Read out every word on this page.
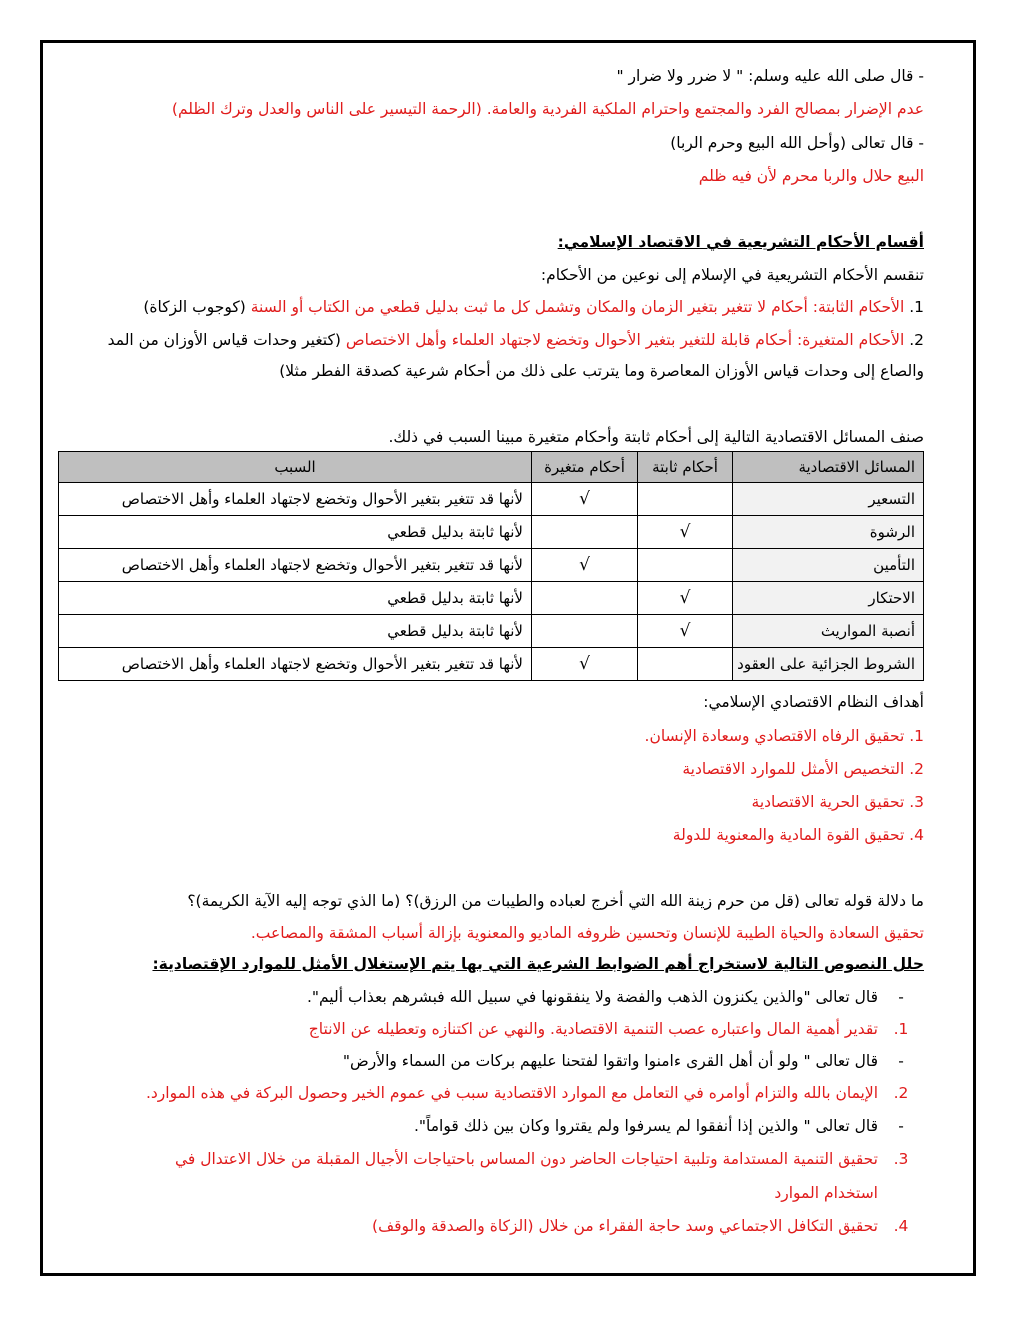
- قال صلى الله عليه وسلم: " لا ضرر ولا ضرار "
عدم الإضرار بمصالح الفرد والمجتمع واحترام الملكية الفردية والعامة. (الرحمة التيسير على الناس والعدل وترك الظلم)
- قال تعالى (وأحل الله البيع وحرم الربا)
البيع حلال والربا محرم لأن فيه ظلم
أقسام الأحكام التشريعية في الاقتصاد الإسلامي:
تنقسم الأحكام التشريعية في الإسلام إلى نوعين من الأحكام:
1. الأحكام الثابتة: أحكام لا تتغير بتغير الزمان والمكان وتشمل كل ما ثبت بدليل قطعي من الكتاب أو السنة (كوجوب الزكاة)
2. الأحكام المتغيرة: أحكام قابلة للتغير بتغير الأحوال وتخضع لاجتهاد العلماء وأهل الاختصاص (كتغير وحدات قياس الأوزان من المد
والصاع إلى وحدات قياس الأوزان المعاصرة وما يترتب على ذلك من أحكام شرعية كصدقة الفطر مثلا)
صنف المسائل الاقتصادية التالية إلى أحكام ثابتة وأحكام متغيرة مبينا السبب في ذلك.
المسائل الاقتصادية	أحكام ثابتة	أحكام متغيرة	السبب
التسعير		√	لأنها قد تتغير بتغير الأحوال وتخضع لاجتهاد العلماء وأهل الاختصاص
الرشوة	√		لأنها ثابتة بدليل قطعي
التأمين		√	لأنها قد تتغير بتغير الأحوال وتخضع لاجتهاد العلماء وأهل الاختصاص
الاحتكار	√		لأنها ثابتة بدليل قطعي
أنصبة المواريث	√		لأنها ثابتة بدليل قطعي
الشروط الجزائية على العقود		√	لأنها قد تتغير بتغير الأحوال وتخضع لاجتهاد العلماء وأهل الاختصاص
أهداف النظام الاقتصادي الإسلامي:
1. تحقيق الرفاه الاقتصادي وسعادة الإنسان.
2. التخصيص الأمثل للموارد الاقتصادية
3. تحقيق الحرية الاقتصادية
4. تحقيق القوة المادية والمعنوية للدولة
ما دلالة قوله تعالى (قل من حرم زينة الله التي أخرج لعباده والطيبات من الرزق)؟ (ما الذي توجه إليه الآية الكريمة)؟
تحقيق السعادة والحياة الطيبة للإنسان وتحسين ظروفه الماديو والمعنوية بإزالة أسباب المشقة والمصاعب.
حلل النصوص التالية لاستخراج أهم الضوابط الشرعية التي بها يتم الإستغلال الأمثل للموارد الإقتصادية:
-قال تعالى "والذين يكنزون الذهب والفضة ولا ينفقونها في سبيل الله فبشرهم بعذاب أليم".
1.تقدير أهمية المال واعتباره عصب التنمية الاقتصادية. والنهي عن اكتنازه وتعطيله عن الانتاج
-قال تعالى " ولو أن أهل القرى ءامنوا واتقوا لفتحنا عليهم بركات من السماء والأرض"
2.الإيمان بالله والتزام أوامره في التعامل مع الموارد الاقتصادية سبب في عموم الخير وحصول البركة في هذه الموارد.
-قال تعالى " والذين إذا أنفقوا لم يسرفوا ولم يقتروا وكان بين ذلك قواماً".
3.تحقيق التنمية المستدامة وتلبية احتياجات الحاضر دون المساس باحتياجات الأجيال المقبلة من خلال الاعتدال في
استخدام الموارد
4.تحقيق التكافل الاجتماعي وسد حاجة الفقراء من خلال (الزكاة والصدقة والوقف)
